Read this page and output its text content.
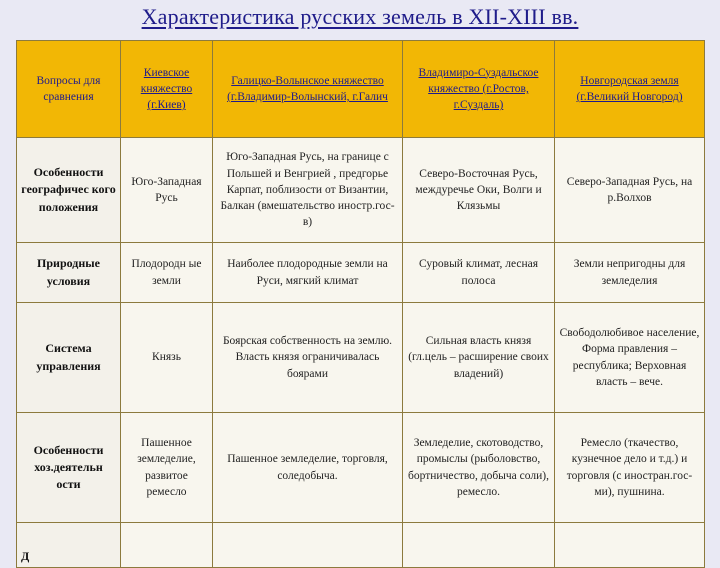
Характеристика русских земель в XII-XIII вв.
Вопросы для сравнения	Киевское княжество (г.Киев)	Галицко-Волынское княжество (г.Владимир-Волынский, г.Галич	Владимиро-Суздальское княжество (г.Ростов, г.Суздаль)	Новгородская земля (г.Великий Новгород)
Особенности географичес кого положения	Юго-Западная Русь	Юго-Западная Русь, на границе с Польшей и Венгрией , предгорье Карпат, поблизости от Византии, Балкан (вмешательство иностр.гос-в)	Северо-Восточная Русь, междуречье Оки, Волги и Клязьмы	Северо-Западная Русь, на р.Волхов
Природные условия	Плодородн ые земли	Наиболее плодородные земли на Руси, мягкий климат	Суровый климат, лесная полоса	Земли непригодны для земледелия
Система управления	Князь	Боярская собственность на землю. Власть князя ограничивалась боярами	Сильная власть князя (гл.цель – расширение своих владений)	Свободолюбивое население, Форма правления – республика; Верховная власть – вече.
Особенности хоз.деятельн ости	Пашенное земледелие, развитое ремесло	Пашенное земледелие, торговля, соледобыча.	Земледелие, скотоводство, промыслы (рыболовство, бортничество, добыча соли), ремесло.	Ремесло (ткачество, кузнечное дело и т.д.) и торговля (с иностран.гос-ми), пушнина.
Д				
